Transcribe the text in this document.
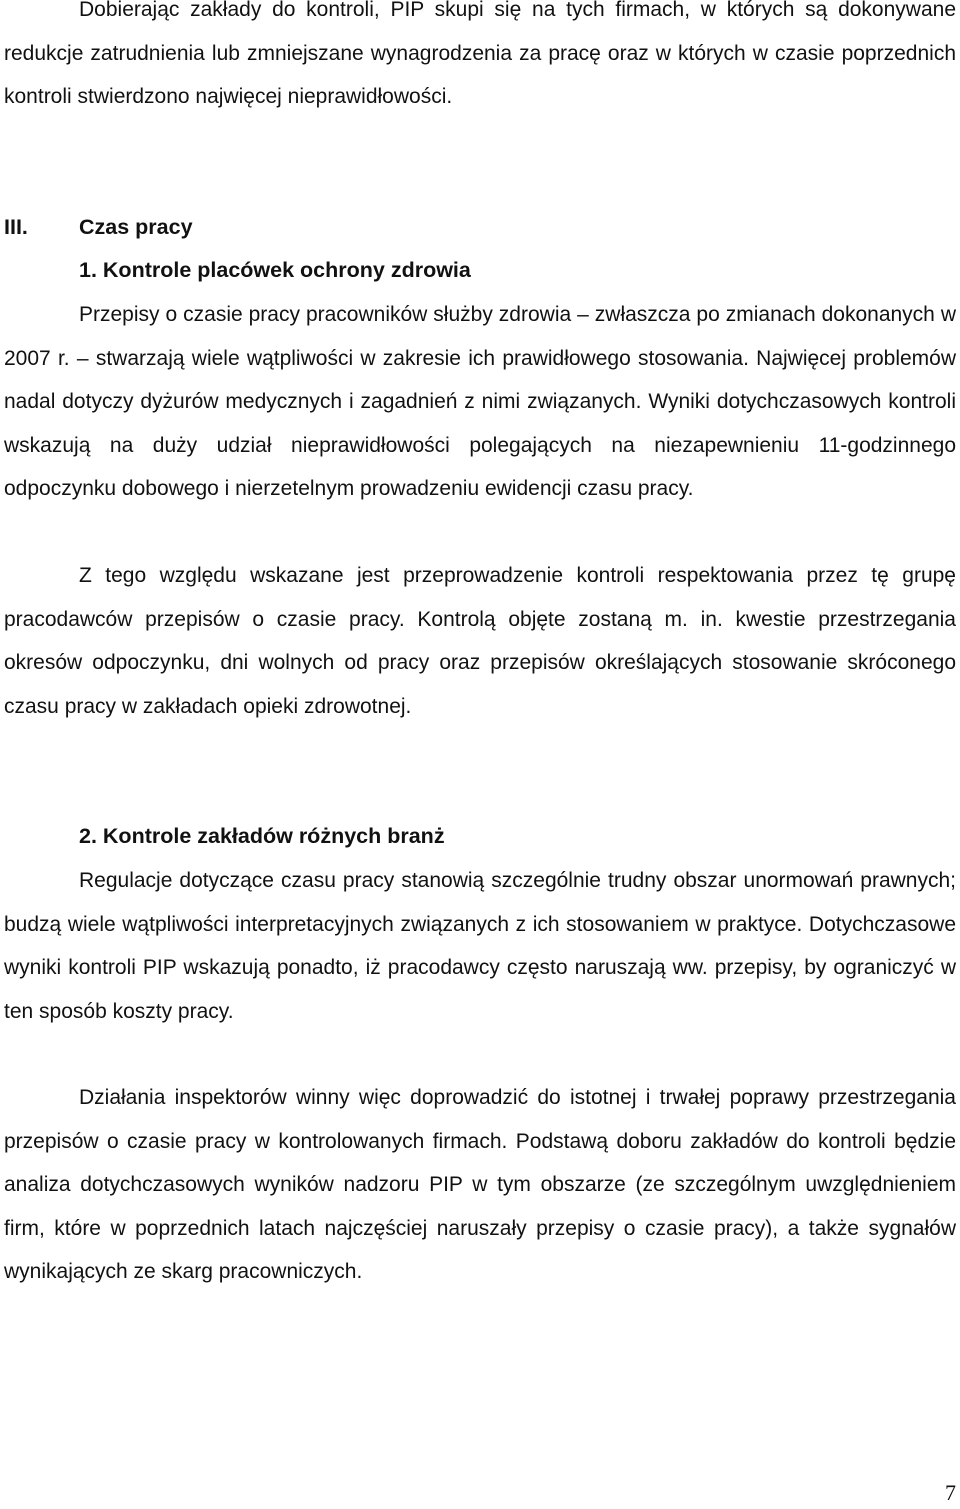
Dobierając zakłady do kontroli, PIP skupi się na tych firmach, w których są dokonywane redukcje zatrudnienia lub zmniejszane wynagrodzenia za pracę oraz w których w czasie poprzednich kontroli stwierdzono najwięcej nieprawidłowości.

III. Czas pracy

1. Kontrole placówek ochrony zdrowia

Przepisy o czasie pracy pracowników służby zdrowia – zwłaszcza po zmianach dokonanych w 2007 r. – stwarzają wiele wątpliwości w zakresie ich prawidłowego stosowania. Najwięcej problemów nadal dotyczy dyżurów medycznych i zagadnień z nimi związanych. Wyniki dotychczasowych kontroli wskazują na duży udział nieprawidłowości polegających na niezapewnieniu 11-godzinnego odpoczynku dobowego i nierzetelnym prowadzeniu ewidencji czasu pracy.

Z tego względu wskazane jest przeprowadzenie kontroli respektowania przez tę grupę pracodawców przepisów o czasie pracy. Kontrolą objęte zostaną m. in. kwestie przestrzegania okresów odpoczynku, dni wolnych od pracy oraz przepisów określających stosowanie skróconego czasu pracy w zakładach opieki zdrowotnej.

2. Kontrole zakładów różnych branż

Regulacje dotyczące czasu pracy stanowią szczególnie trudny obszar unormowań prawnych; budzą wiele wątpliwości interpretacyjnych związanych z ich stosowaniem w praktyce. Dotychczasowe wyniki kontroli PIP wskazują ponadto, iż pracodawcy często naruszają ww. przepisy, by ograniczyć w ten sposób koszty pracy.

Działania inspektorów winny więc doprowadzić do istotnej i trwałej poprawy przestrzegania przepisów o czasie pracy w kontrolowanych firmach. Podstawą doboru zakładów do kontroli będzie analiza dotychczasowych wyników nadzoru PIP w tym obszarze (ze szczególnym uwzględnieniem firm, które w poprzednich latach najczęściej naruszały przepisy o czasie pracy), a także sygnałów wynikających ze skarg pracowniczych.

7
